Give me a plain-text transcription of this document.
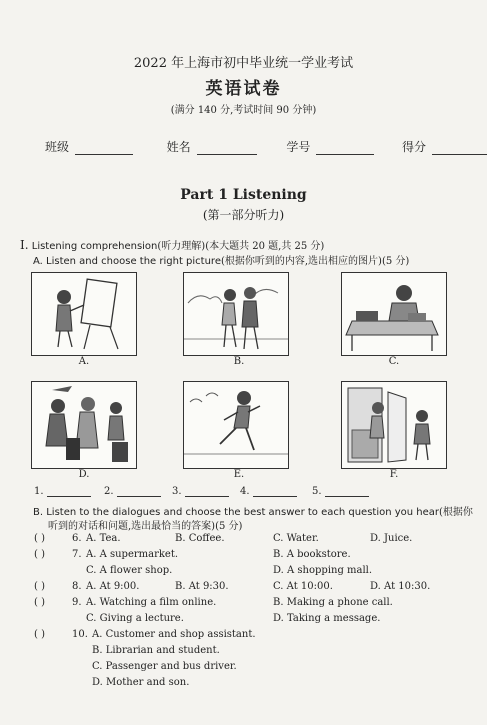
2022 年上海市初中毕业统一学业考试
英语试卷
(满分 140 分,考试时间 90 分钟)
班级	姓名	学号	得分
Part 1 Listening
(第一部分听力)
I. Listening comprehension(听力理解)(本大题共 20 题,共 25 分)
A. Listen and choose the right picture(根据你听到的内容,选出相应的图片)(5 分)
A.	B.	C.
D.	E.	F.
1.	2.	3.	4.	5.
B. Listen to the dialogues and choose the best answer to each question you hear(根据你
听到的对话和问题,选出最恰当的答案)(5 分)
( )	6. A. Tea.	B. Coffee.	C. Water.	D. Juice.
( )	7. A. A supermarket.	B. A bookstore.
C. A flower shop.	D. A shopping mall.
( )	8. A. At 9:00.	B. At 9:30.	C. At 10:00.	D. At 10:30.
( )	9. A. Watching a film online.	B. Making a phone call.
C. Giving a lecture.	D. Taking a message.
( )	10. A. Customer and shop assistant.
B. Librarian and student.
C. Passenger and bus driver.
D. Mother and son.
